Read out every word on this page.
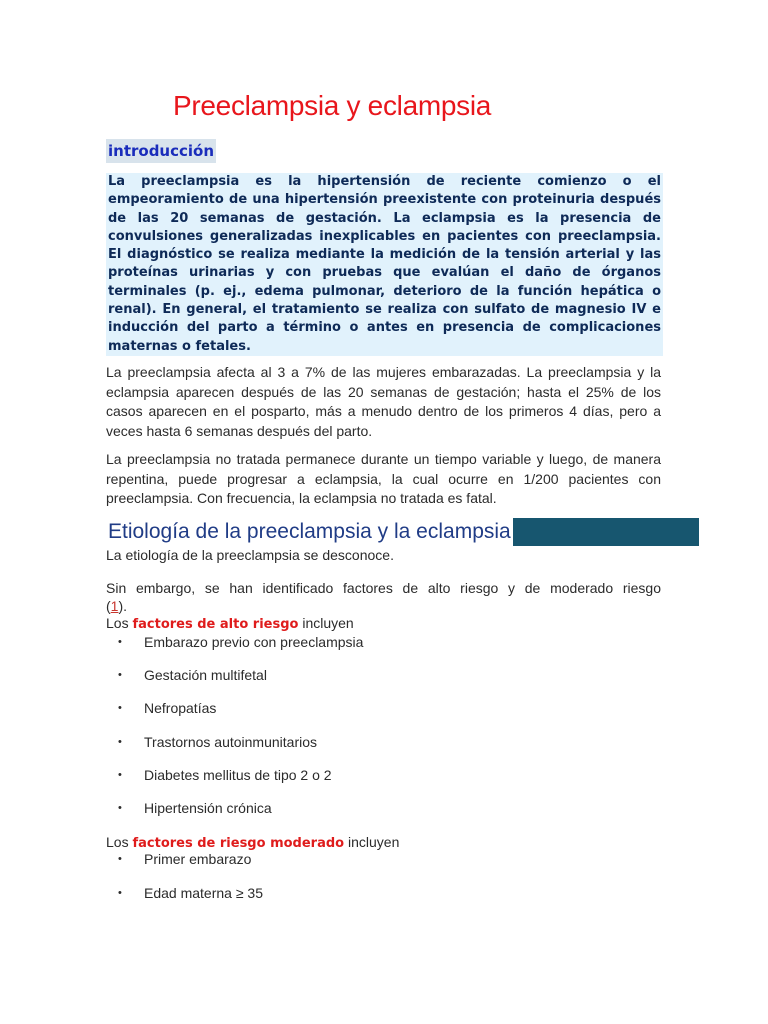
Preeclampsia y eclampsia
introducción
La preeclampsia es la hipertensión de reciente comienzo o el empeoramiento de una hipertensión preexistente con proteinuria después de las 20 semanas de gestación. La eclampsia es la presencia de convulsiones generalizadas inexplicables en pacientes con preeclampsia. El diagnóstico se realiza mediante la medición de la tensión arterial y las proteínas urinarias y con pruebas que evalúan el daño de órganos terminales (p. ej., edema pulmonar, deterioro de la función hepática o renal). En general, el tratamiento se realiza con sulfato de magnesio IV e inducción del parto a término o antes en presencia de complicaciones maternas o fetales.

La preeclampsia afecta al 3 a 7% de las mujeres embarazadas. La preeclampsia y la eclampsia aparecen después de las 20 semanas de gestación; hasta el 25% de los casos aparecen en el posparto, más a menudo dentro de los primeros 4 días, pero a veces hasta 6 semanas después del parto.

La preeclampsia no tratada permanece durante un tiempo variable y luego, de manera repentina, puede progresar a eclampsia, la cual ocurre en 1/200 pacientes con preeclampsia. Con frecuencia, la eclampsia no tratada es fatal.

Etiología de la preeclampsia y la eclampsia

La etiología de la preeclampsia se desconoce.

Sin embargo, se han identificado factores de alto riesgo y de moderado riesgo

(1).

Los factores de alto riesgo incluyen

• Embarazo previo con preeclampsia
• Gestación multifetal
• Nefropatías
• Trastornos autoinmunitarios
• Diabetes mellitus de tipo 2 o 2
• Hipertensión crónica

Los factores de riesgo moderado incluyen

• Primer embarazo
• Edad materna ≥ 35
